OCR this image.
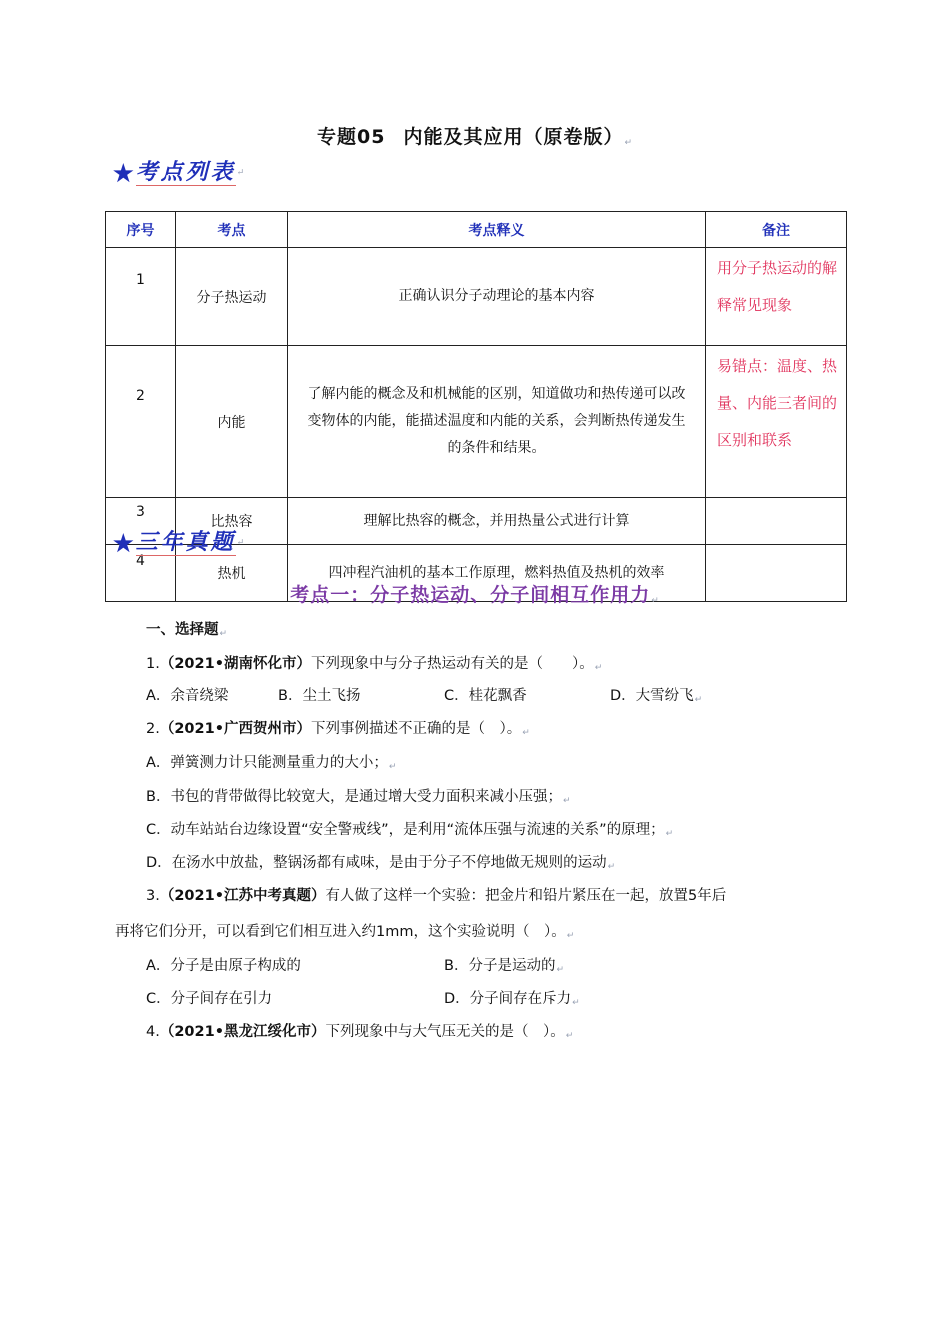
专题05 内能及其应用（原卷版）↵
★ 考点列表 ↵
序号	考点	考点释义	备注
1	分子热运动	正确认识分子动理论的基本内容	用分子热运动的解释常见现象
2	内能	了解内能的概念及和机械能的区别，知道做功和热传递可以改变物体的内能，能描述温度和内能的关系，会判断热传递发生的条件和结果。	易错点：温度、热量、内能三者间的区别和联系
3	比热容	理解比热容的概念，并用热量公式进行计算	
4	热机	四冲程汽油机的基本工作原理，燃料热值及热机的效率	
★ 三年真题 ↵
考点一：分子热运动、分子间相互作用力↵
一、选择题↵
1.（2021•湖南怀化市）下列现象中与分子热运动有关的是（　　）。↵
A．余音绕梁	B．尘土飞扬	C．桂花飘香	D．大雪纷飞↵
2.（2021•广西贺州市）下列事例描述不正确的是（　）。↵
A．弹簧测力计只能测量重力的大小；↵
B．书包的背带做得比较宽大，是通过增大受力面积来减小压强；↵
C．动车站站台边缘设置“安全警戒线”，是利用“流体压强与流速的关系”的原理；↵
D．在汤水中放盐，整锅汤都有咸味，是由于分子不停地做无规则的运动↵
3.（2021•江苏中考真题）有人做了这样一个实验：把金片和铅片紧压在一起，放置5年后
再将它们分开，可以看到它们相互进入约1mm，这个实验说明（　）。↵
A．分子是由原子构成的	B．分子是运动的↵
C．分子间存在引力	D．分子间存在斥力↵
4.（2021•黑龙江绥化市）下列现象中与大气压无关的是（　）。↵
